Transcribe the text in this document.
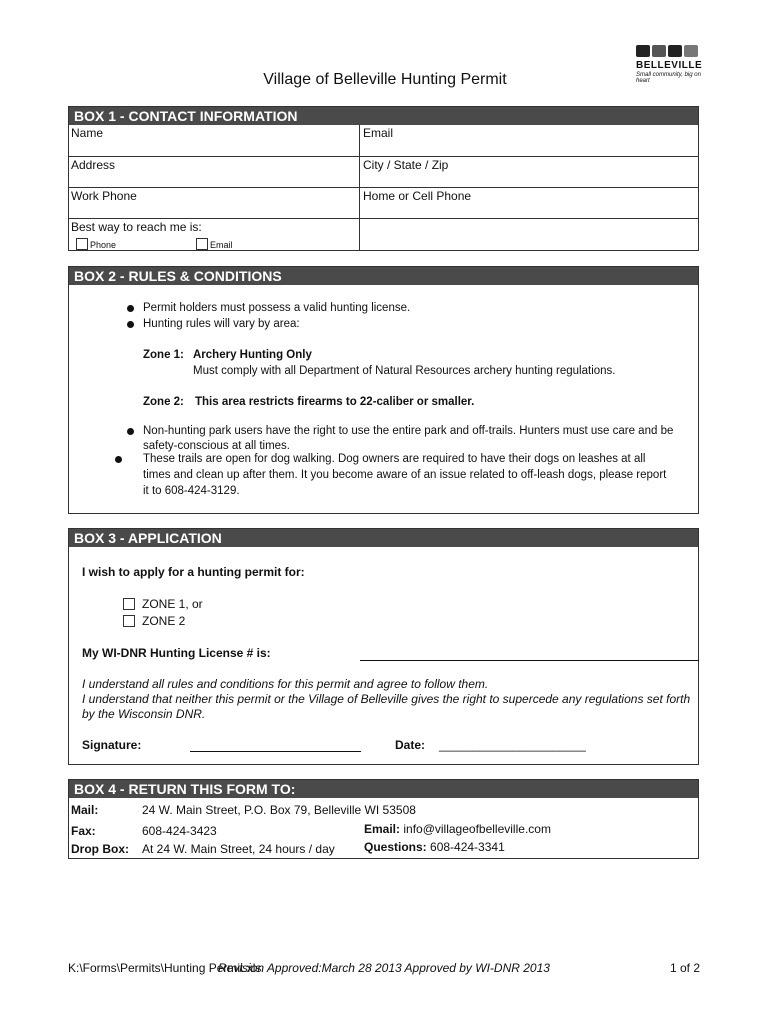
BELLEVILLE
Small community, big on heart
Village of Belleville Hunting Permit
BOX 1 - CONTACT INFORMATION
Name	Email
Address	City / State / Zip
Work Phone	Home or Cell Phone
Best way to reach me is:
Phone	Email
BOX 2 - RULES & CONDITIONS
Permit holders must possess a valid hunting license.
Hunting rules will vary by area:
Zone 1: Archery Hunting Only
Must comply with all Department of Natural Resources archery hunting regulations.
Zone 2: This area restricts firearms to 22-caliber or smaller.
Non-hunting park users have the right to use the entire park and off-trails. Hunters must use care and be
safety-conscious at all times.
These trails are open for dog walking. Dog owners are required to have their dogs on leashes at all
times and clean up after them. It you become aware of an issue related to off-leash dogs, please report
it to 608-424-3129.
BOX 3 - APPLICATION
I wish to apply for a hunting permit for:
ZONE 1, or
ZONE 2
My WI-DNR Hunting License # is:
I understand all rules and conditions for this permit and agree to follow them.
I understand that neither this permit or the Village of Belleville gives the right to supercede any regulations set forth
by the Wisconsin DNR.
Signature:	Date: ______________________
BOX 4 - RETURN THIS FORM TO:
Mail:	24 W. Main Street, P.O. Box 79, Belleville WI 53508
Fax:	608-424-3423	Email: info@villageofbelleville.com
Drop Box: At 24 W. Main Street, 24 hours / day Questions: 608-424-3341
K:\Forms\Permits\Hunting Permit.xls
Revision Approved:March 28 2013 Approved by WI-DNR 2013	1 of 2
